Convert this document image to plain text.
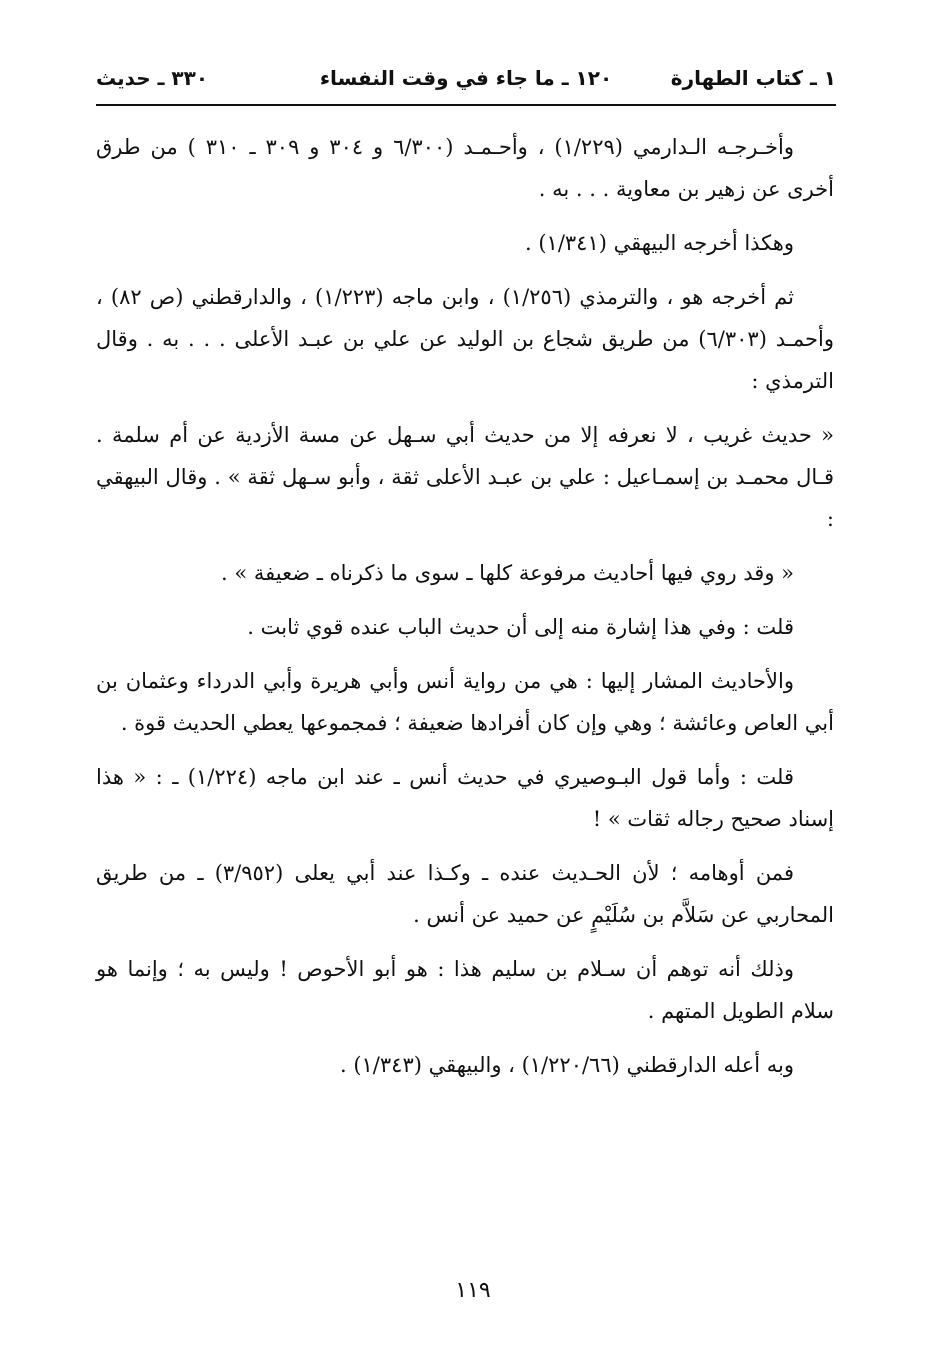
١ ـ كتاب الطهارة
١٢٠ ـ ما جاء في وقت النفساء
٣٣٠ ـ حديث

وأخـرجـه الـدارمي (١/٢٢٩) ، وأحـمـد (٦/٣٠٠ و ٣٠٤ و ٣٠٩ ـ ٣١٠ ) من طرق أخرى عن زهير بن معاوية . . . به .

وهكذا أخرجه البيهقي (١/٣٤١) .

ثم أخرجه هو ، والترمذي (١/٢٥٦) ، وابن ماجه (١/٢٢٣) ، والدارقطني (ص ٨٢) ، وأحمـد (٦/٣٠٣) من طريق شجاع بن الوليد عن علي بن عبـد الأعلى . . . به . وقال الترمذي :

« حديث غريب ، لا نعرفه إلا من حديث أبي سـهل عن مسة الأزدية عن أم سلمة . قـال محمـد بن إسمـاعيل : علي بن عبـد الأعلى ثقة ، وأبو سـهل ثقة » . وقال البيهقي :

« وقد روي فيها أحاديث مرفوعة كلها ـ سوى ما ذكرناه ـ ضعيفة » .

قلت : وفي هذا إشارة منه إلى أن حديث الباب عنده قوي ثابت .

والأحاديث المشار إليها : هي من رواية أنس وأبي هريرة وأبي الدرداء وعثمان بن أبي العاص وعائشة ؛ وهي وإن كان أفرادها ضعيفة ؛ فمجموعها يعطي الحديث قوة .

قلت : وأما قول البـوصيري في حديث أنس ـ عند ابن ماجه (١/٢٢٤) ـ : « هذا إسناد صحيح رجاله ثقات » !

فمن أوهامه ؛ لأن الحـديث عنده ـ وكـذا عند أبي يعلى (٣/٩٥٢) ـ من طريق المحاربي عن سَلاَّم بن سُلَيْمٍ عن حميد عن أنس .

وذلك أنه توهم أن سـلام بن سليم هذا : هو أبو الأحوص ! وليس به ؛ وإنما هو سلام الطويل المتهم .

وبه أعله الدارقطني (١/٢٢٠/٦٦) ، والبيهقي (١/٣٤٣) .

١١٩
